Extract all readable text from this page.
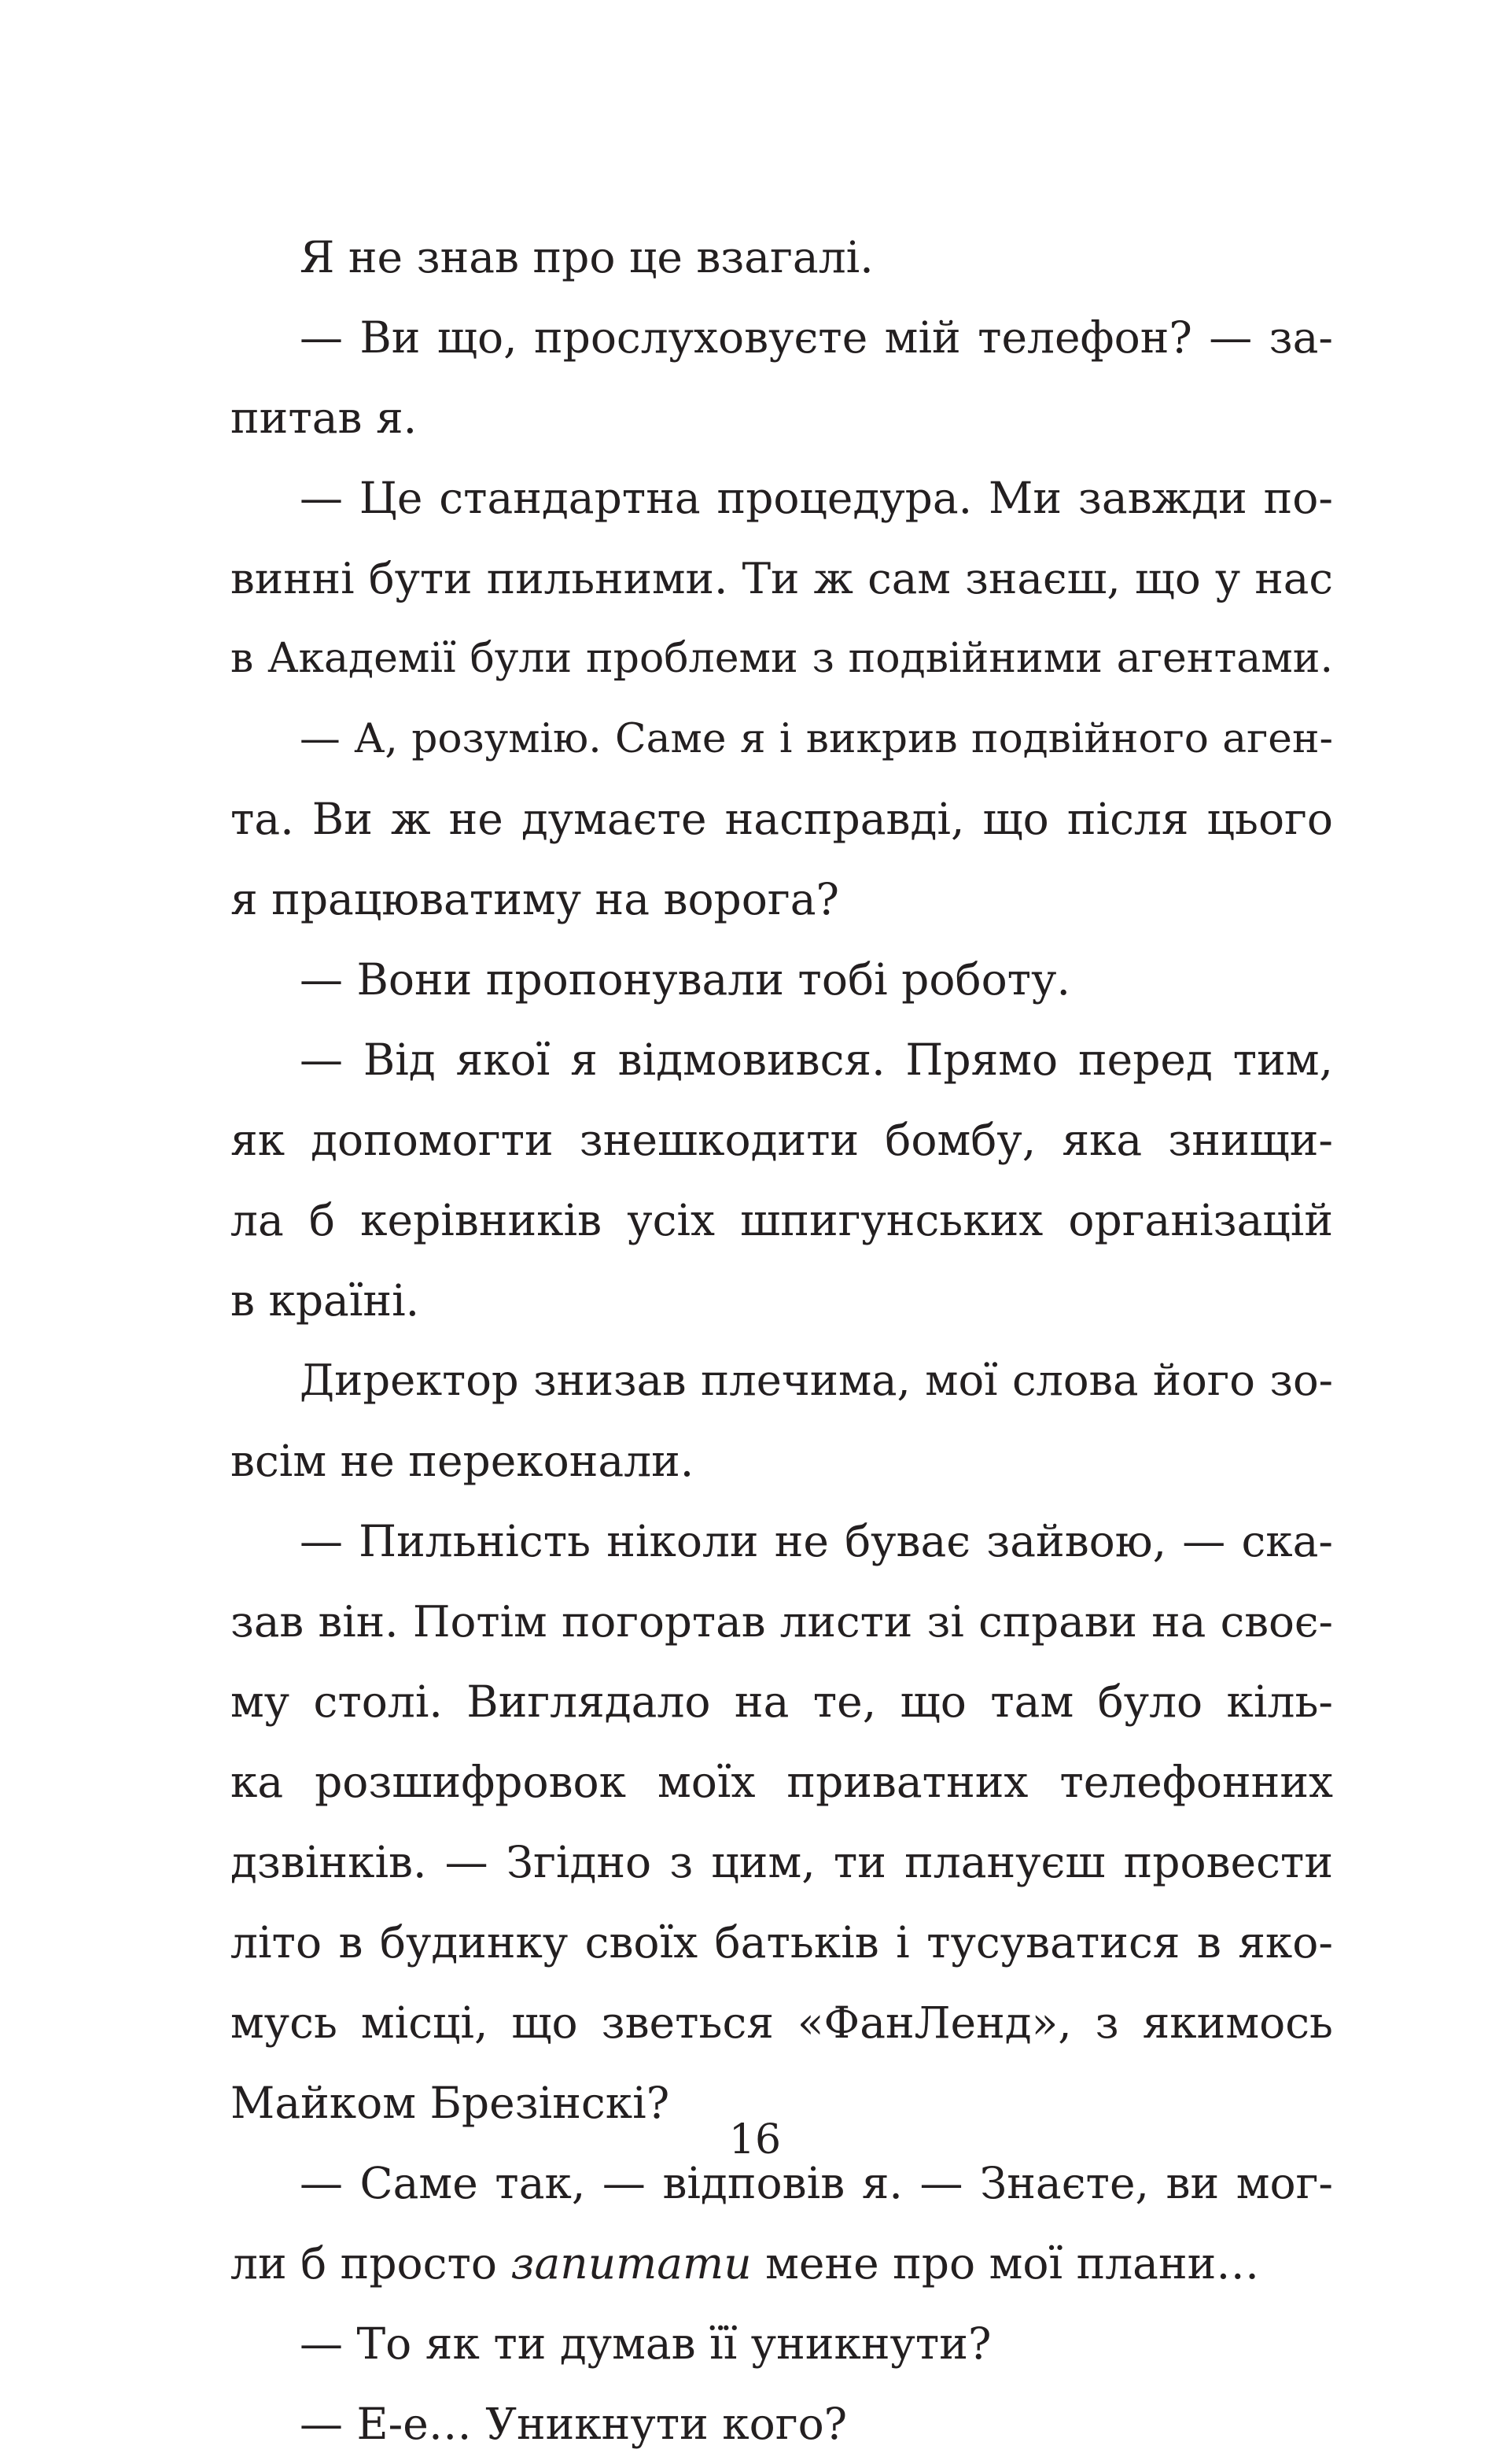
Я не знав про це взагалі.
— Ви що, прослуховуєте мій телефон? — за-
питав я.
— Це стандартна процедура. Ми завжди по-
винні бути пильними. Ти ж сам знаєш, що у нас
в Академії були проблеми з подвійними агентами.
— А, розумію. Саме я і викрив подвійного аген-
та. Ви ж не думаєте насправді, що після цього
я працюватиму на ворога?
— Вони пропонували тобі роботу.
— Від якої я відмовився. Прямо перед тим,
як допомогти знешкодити бомбу, яка знищи-
ла б керівників усіх шпигунських організацій
в країні.
Директор знизав плечима, мої слова його зо-
всім не переконали.
— Пильність ніколи не буває зайвою, — ска-
зав він. Потім погортав листи зі справи на своє-
му столі. Виглядало на те, що там було кіль-
ка розшифровок моїх приватних телефонних
дзвінків. — Згідно з цим, ти плануєш провести
літо в будинку своїх батьків і тусуватися в яко-
мусь місці, що зветься «ФанЛенд», з якимось
Майком Брезінскі?
— Саме так, — відповів я. — Знаєте, ви мог-
ли б просто запитати мене про мої плани…
— То як ти думав її уникнути?
— Е-е… Уникнути кого?
16
